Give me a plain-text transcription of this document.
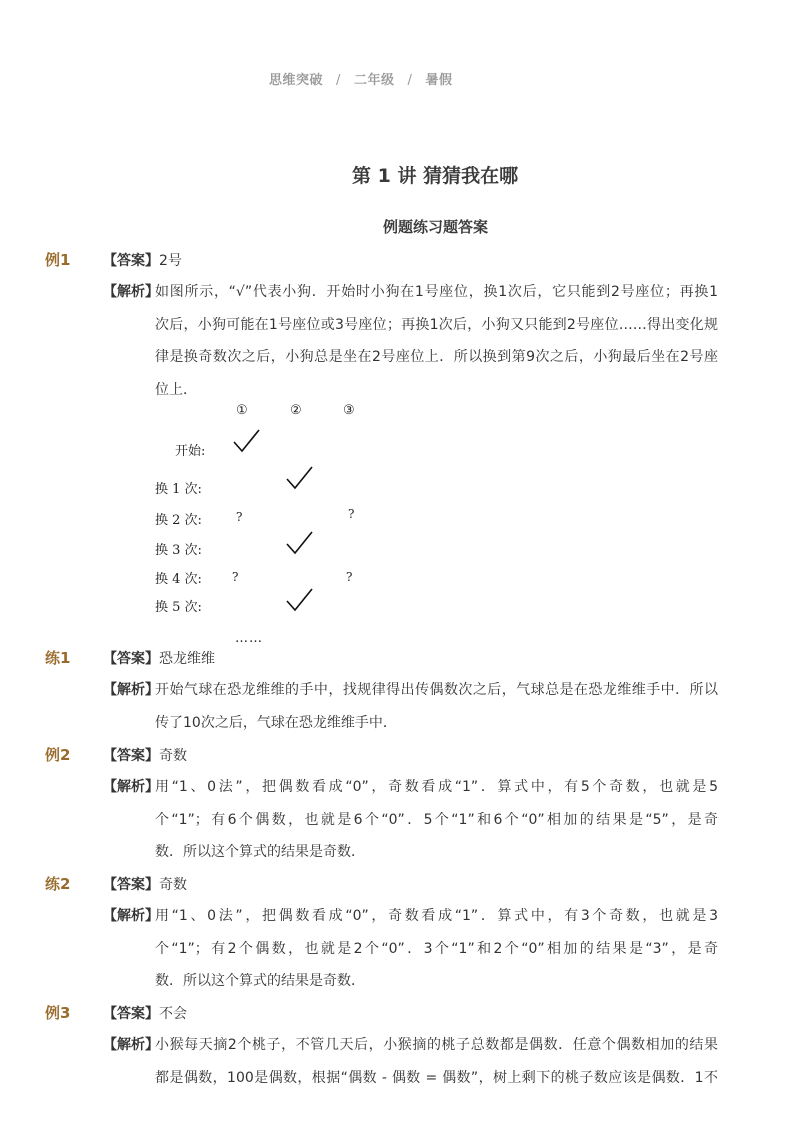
思维突破 / 二年级 / 暑假
第 1 讲 猜猜我在哪
例题练习题答案
例1 【答案】2号
【解析】
如图所示，“√”代表小狗．开始时小狗在1号座位，换1次后，它只能到2号座位；再换1
次后，小狗可能在1号座位或3号座位；再换1次后，小狗又只能到2号座位……得出变化规
律是换奇数次之后，小狗总是坐在2号座位上．所以换到第9次之后，小狗最后坐在2号座
位上．
①	②	③
开始:
换 1 次:
换 2 次:	?	?
换 3 次:
换 4 次:	?	?
换 5 次:
……
练1 【答案】恐龙维维
【解析】
开始气球在恐龙维维的手中，找规律得出传偶数次之后，气球总是在恐龙维维手中．所以
传了10次之后，气球在恐龙维维手中．
例2 【答案】奇数
【解析】
用“1、0法”，把偶数看成“0”，奇数看成“1”．算式中，有5个奇数，也就是5
个“1”；有6个偶数，也就是6个“0”．5个“1”和6个“0”相加的结果是“5”，是奇
数．所以这个算式的结果是奇数．
练2 【答案】奇数
【解析】
用“1、0法”，把偶数看成“0”，奇数看成“1”．算式中，有3个奇数，也就是3
个“1”；有2个偶数，也就是2个“0”．3个“1”和2个“0”相加的结果是“3”，是奇
数．所以这个算式的结果是奇数．
例3 【答案】不会
【解析】
小猴每天摘2个桃子，不管几天后，小猴摘的桃子总数都是偶数．任意个偶数相加的结果
都是偶数，100是偶数，根据“偶数 - 偶数 = 偶数”，树上剩下的桃子数应该是偶数．1不
